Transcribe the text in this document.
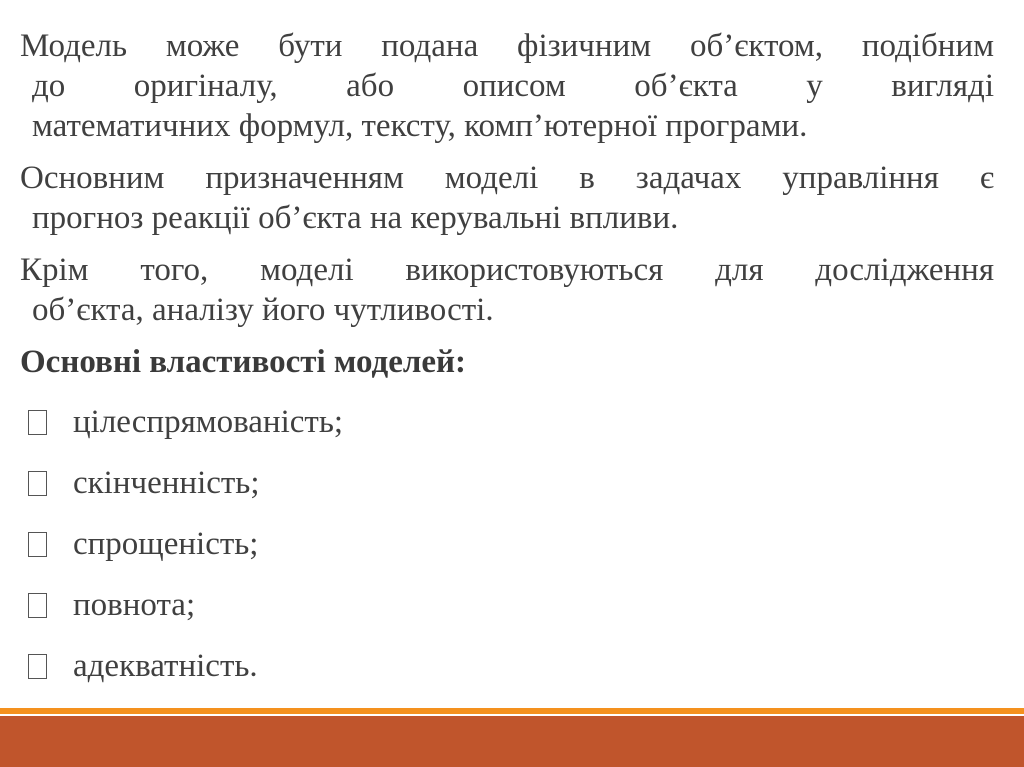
Модель може бути подана фізичним об’єктом, подібним
до оригіналу, або описом об’єкта у вигляді
математичних формул, тексту, комп’ютерної програми.
Основним призначенням моделі в задачах управління є
прогноз реакції об’єкта на керувальні впливи.
Крім того, моделі використовуються для дослідження
об’єкта, аналізу його чутливості.
Основні властивості моделей:
цілеспрямованість;
скінченність;
спрощеність;
повнота;
адекватність.
